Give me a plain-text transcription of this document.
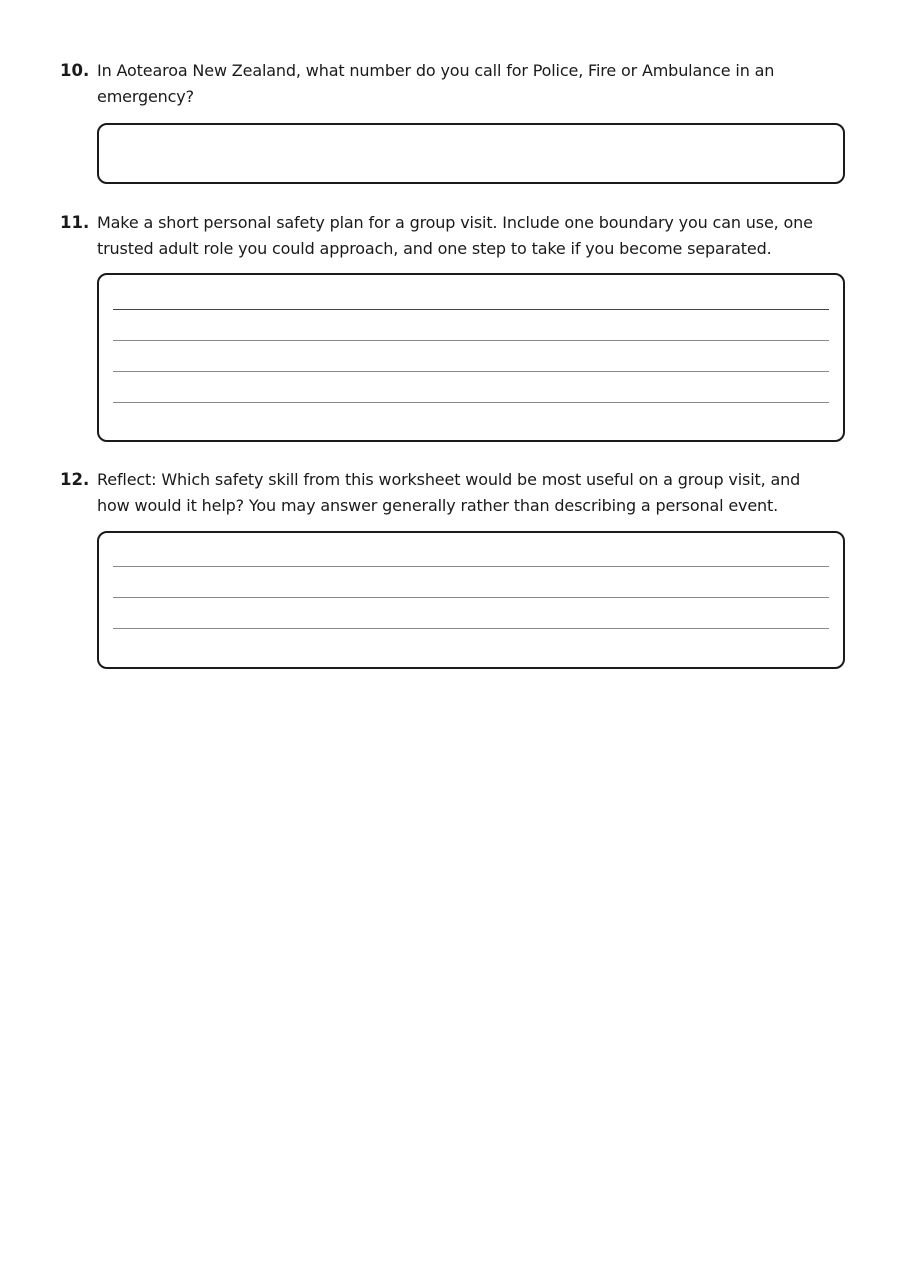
10. In Aotearoa New Zealand, what number do you call for Police, Fire or Ambulance in an emergency?
11. Make a short personal safety plan for a group visit. Include one boundary you can use, one trusted adult role you could approach, and one step to take if you become separated.
12. Reflect: Which safety skill from this worksheet would be most useful on a group visit, and how would it help? You may answer generally rather than describing a personal event.
